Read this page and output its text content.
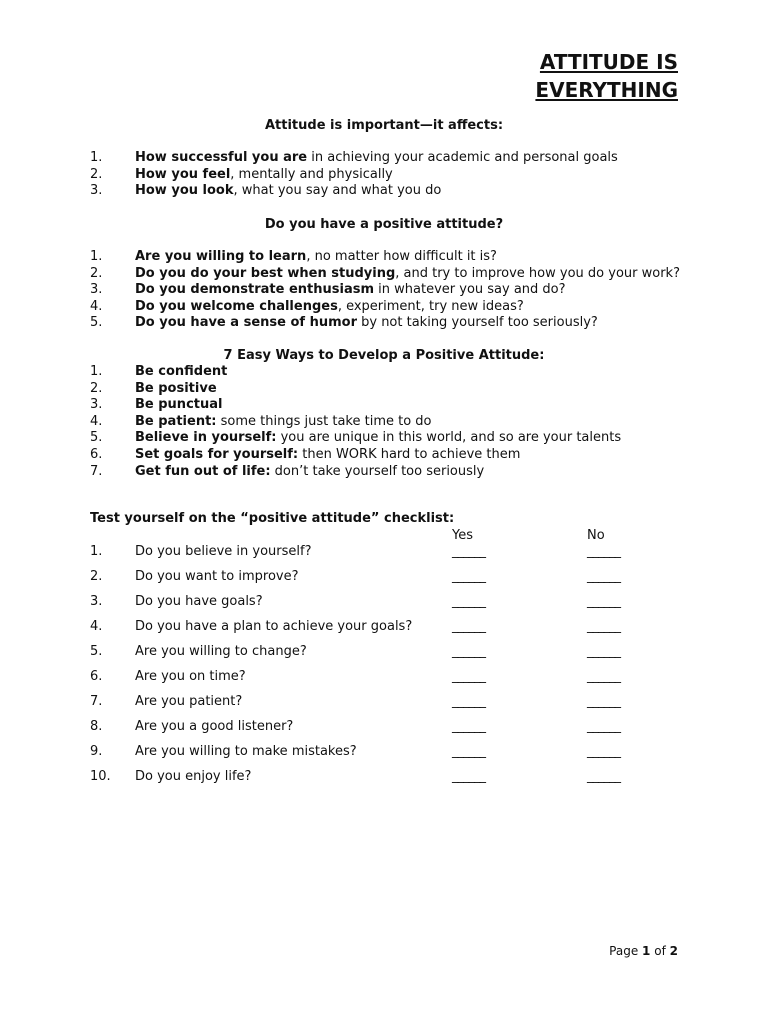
ATTITUDE IS
EVERYTHING
Attitude is important—it affects:
1.	How successful you are in achieving your academic and personal goals
2.	How you feel, mentally and physically
3.	How you look, what you say and what you do
Do you have a positive attitude?
1.	Are you willing to learn, no matter how difficult it is?
2.	Do you do your best when studying, and try to improve how you do your work?
3.	Do you demonstrate enthusiasm in whatever you say and do?
4.	Do you welcome challenges, experiment, try new ideas?
5.	Do you have a sense of humor by not taking yourself too seriously?
7 Easy Ways to Develop a Positive Attitude:
1.	Be confident
2.	Be positive
3.	Be punctual
4.	Be patient: some things just take time to do
5.	Believe in yourself: you are unique in this world, and so are your talents
6.	Set goals for yourself: then WORK hard to achieve them
7.	Get fun out of life: don’t take yourself too seriously
Test yourself on the “positive attitude” checklist:
Yes	No
1.	Do you believe in yourself?	______	______
2.	Do you want to improve?	______	______
3.	Do you have goals?	______	______
4.	Do you have a plan to achieve your goals?	______	______
5.	Are you willing to change?	______	______
6.	Are you on time?	______	______
7.	Are you patient?	______	______
8.	Are you a good listener?	______	______
9.	Are you willing to make mistakes?	______	______
10.	Do you enjoy life?	______	______
Page 1 of 2
